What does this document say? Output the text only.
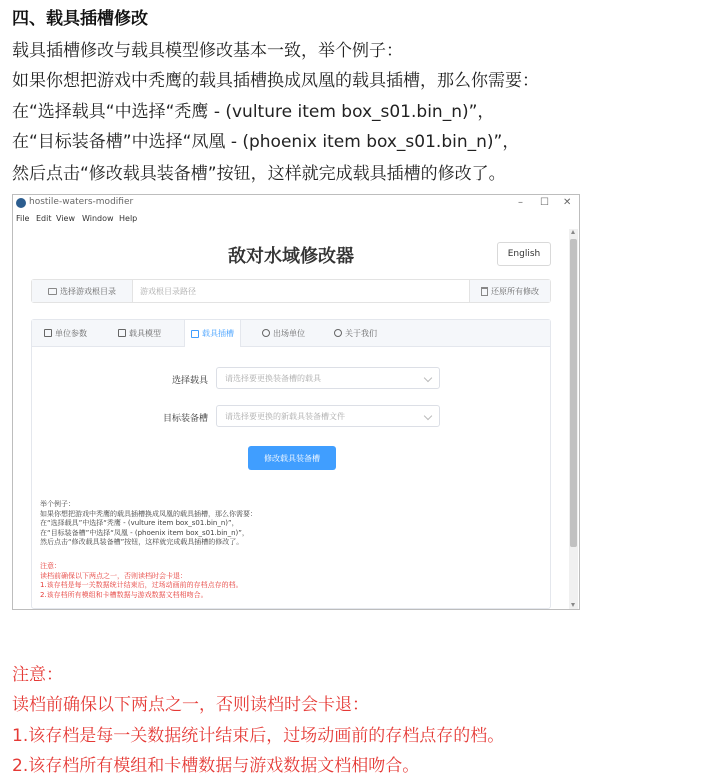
四、载具插槽修改
载具插槽修改与载具模型修改基本一致，举个例子：
如果你想把游戏中秃鹰的载具插槽换成凤凰的载具插槽，那么你需要：
在“选择载具“中选择“秃鹰 - (vulture item box_s01.bin_n)”，
在“目标装备槽”中选择“凤凰 - (phoenix item box_s01.bin_n)”，
然后点击“修改载具装备槽”按钮，这样就完成载具插槽的修改了。
hostile-waters-modifier	– ☐ ✕
File Edit View Window Help
敌对水域修改器	English
选择游戏根目录
游戏根目录路径	还原所有修改
单位参数	载具模型	载具插槽	出场单位	关于我们
选择载具 请选择要更换装备槽的载具
目标装备槽 请选择要更换的新载具装备槽文件
修改载具装备槽
举个例子：
如果你想把游戏中秃鹰的载具插槽换成凤凰的载具插槽，那么你需要：
在“选择载具”中选择“秃鹰 - (vulture item box_s01.bin_n)”，
在“目标装备槽”中选择“凤凰 - (phoenix item box_s01.bin_n)”，
然后点击“修改载具装备槽”按钮，这样就完成载具插槽的修改了。
注意：
读档前确保以下两点之一，否则读档时会卡退：
1.该存档是每一关数据统计结束后，过场动画前的存档点存的档。
2.该存档所有模组和卡槽数据与游戏数据文档相吻合。
注意：
读档前确保以下两点之一，否则读档时会卡退：
1.该存档是每一关数据统计结束后，过场动画前的存档点存的档。
2.该存档所有模组和卡槽数据与游戏数据文档相吻合。
